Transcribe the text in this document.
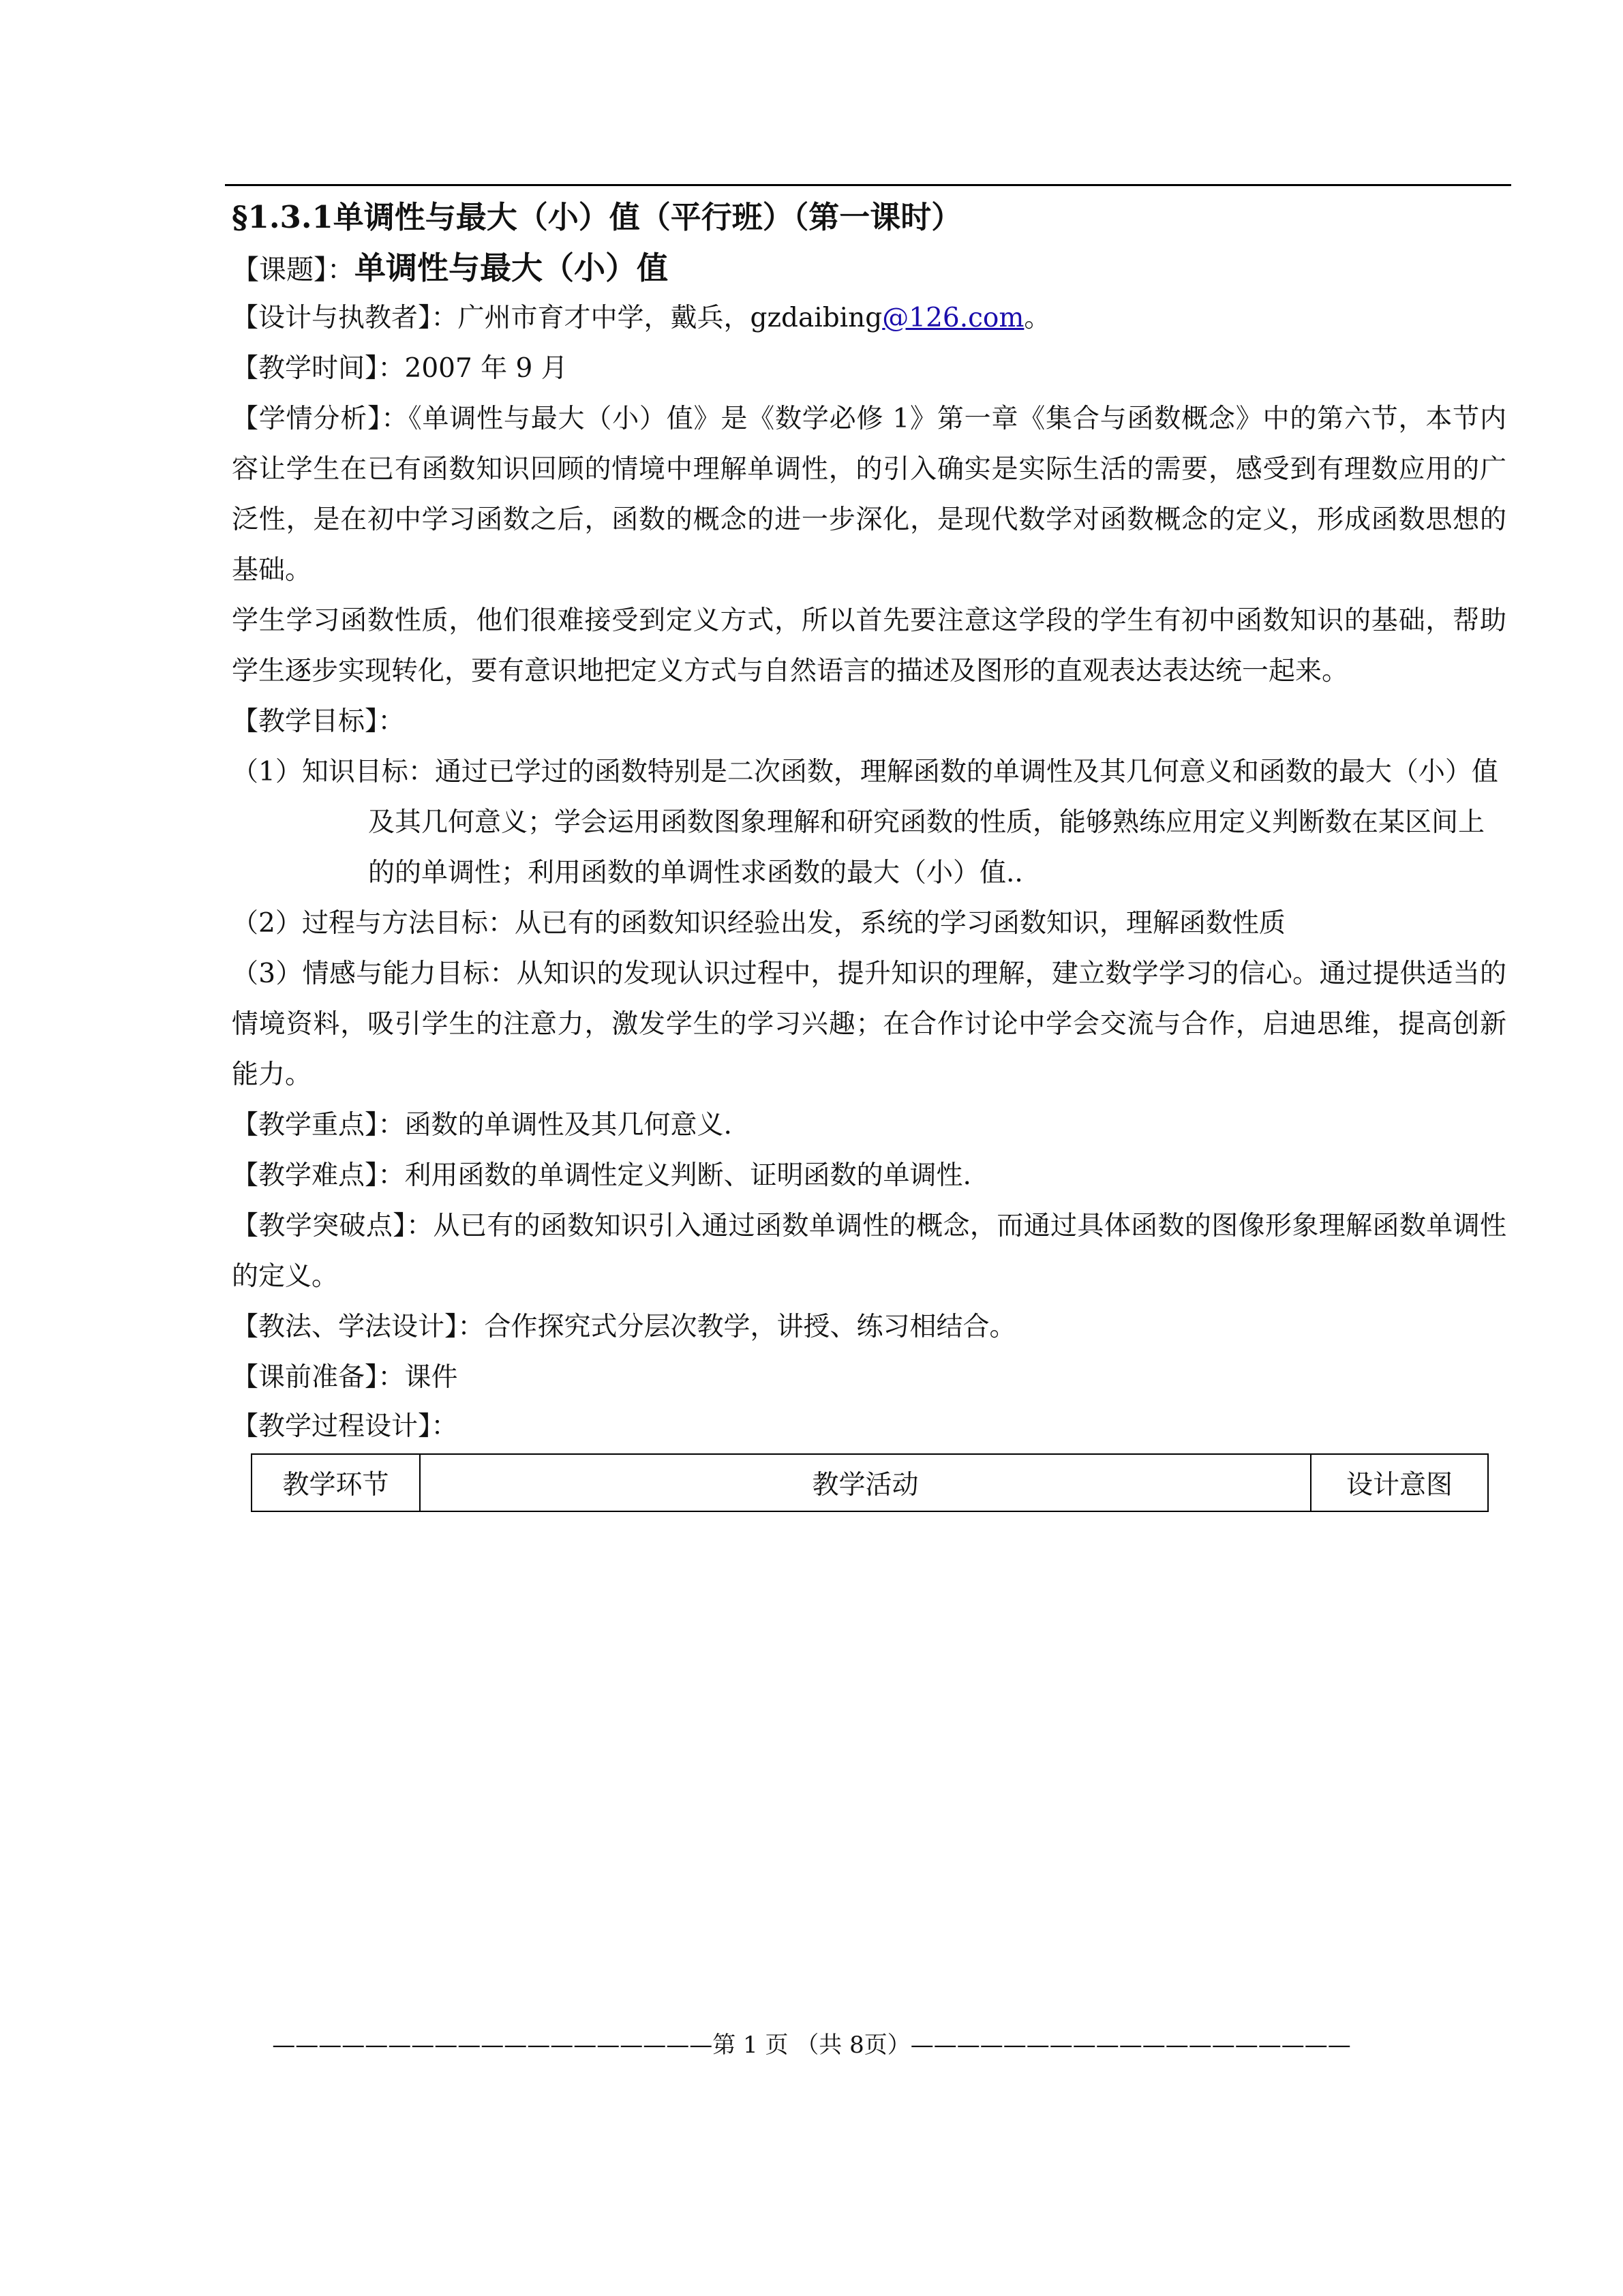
§1.3.1单调性与最大（小）值（平行班）（第一课时）
【课题】：单调性与最大（小）值
【设计与执教者】：广州市育才中学，戴兵，gzdaibing@126.com。
【教学时间】：2007 年 9 月

【学情分析】：《单调性与最大（小）值》是《数学必修 1》第一章《集合与函数概念》中的第六节，本节内容让学生在已有函数知识回顾的情境中理解单调性，的引入确实是实际生活的需要，感受到有理数应用的广泛性，是在初中学习函数之后，函数的概念的进一步深化，是现代数学对函数概念的定义，形成函数思想的基础。

学生学习函数性质，他们很难接受到定义方式，所以首先要注意这学段的学生有初中函数知识的基础，帮助学生逐步实现转化，要有意识地把定义方式与自然语言的描述及图形的直观表达表达统一起来。

【教学目标】：

（1）知识目标：通过已学过的函数特别是二次函数，理解函数的单调性及其几何意义和函数的最大（小）值及其几何意义；学会运用函数图象理解和研究函数的性质，能够熟练应用定义判断数在某区间上的的单调性；利用函数的单调性求函数的最大（小）值..

（2）过程与方法目标：从已有的函数知识经验出发，系统的学习函数知识，理解函数性质

（3）情感与能力目标：从知识的发现认识过程中，提升知识的理解，建立数学学习的信心。通过提供适当的情境资料，吸引学生的注意力，激发学生的学习兴趣；在合作讨论中学会交流与合作，启迪思维，提高创新能力。

【教学重点】：函数的单调性及其几何意义.
【教学难点】：利用函数的单调性定义判断、证明函数的单调性.

【教学突破点】：从已有的函数知识引入通过函数单调性的概念，而通过具体函数的图像形象理解函数单调性的定义。

【教法、学法设计】：合作探究式分层次教学，讲授、练习相结合。
【课前准备】：课件
【教学过程设计】：
教学环节	教学活动	设计意图
———————————————————第 1 页 （共 8页）———————————————————
